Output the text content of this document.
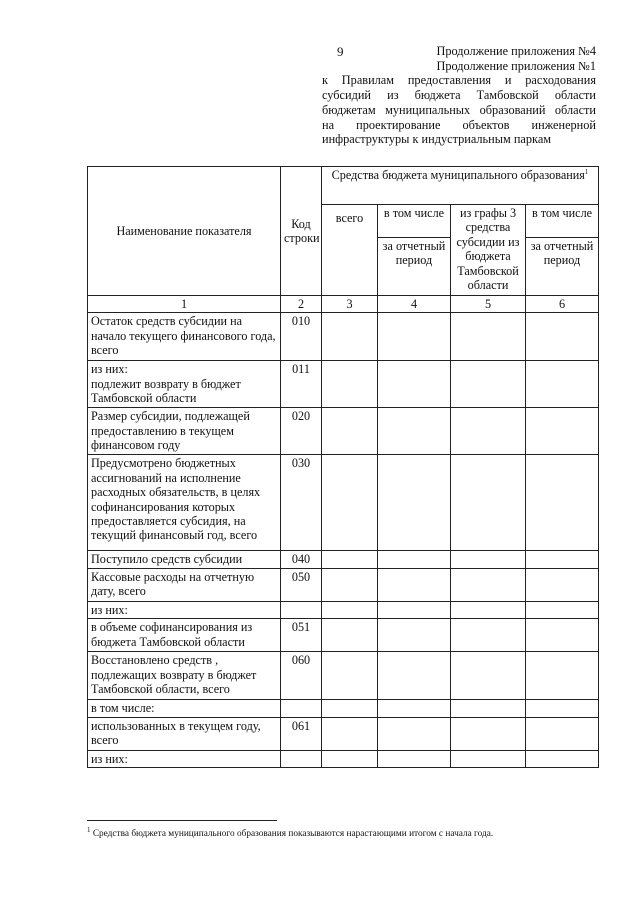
9	Продолжение приложения №4
Продолжение приложения №1
к Правилам предоставления и расходования
субсидий из бюджета Тамбовской области
бюджетам муниципальных образований области
на проектирование объектов инженерной
инфраструктуры к индустриальным паркам
Наименование показателя	Код строки	Средства бюджета муниципального образования$^1$
		всего	в том числе	из графы 3 средства субсидии из бюджета Тамбовской области	в том числе
			за отчетный период		за отчетный период
1	2	3	4	5	6
Остаток средств субсидии на начало текущего финансового года, всего	010				
из них:
подлежит возврату в бюджет Тамбовской области	011				
Размер субсидии, подлежащей предоставлению в текущем финансовом году	020				
Предусмотрено бюджетных ассигнований на исполнение расходных обязательств, в целях софинансирования которых предоставляется субсидия, на текущий финансовый год, всего	030				
Поступило средств субсидии	040				
Кассовые расходы на отчетную дату, всего	050				
из них:					
в объеме софинансирования из бюджета Тамбовской области	051				
Восстановлено средств , подлежащих возврату в бюджет Тамбовской области, всего	060				
в том числе:					
использованных в текущем году, всего	061				
из них:					
$^1$ Средства бюджета муниципального образования показываются нарастающими итогом с начала года.
